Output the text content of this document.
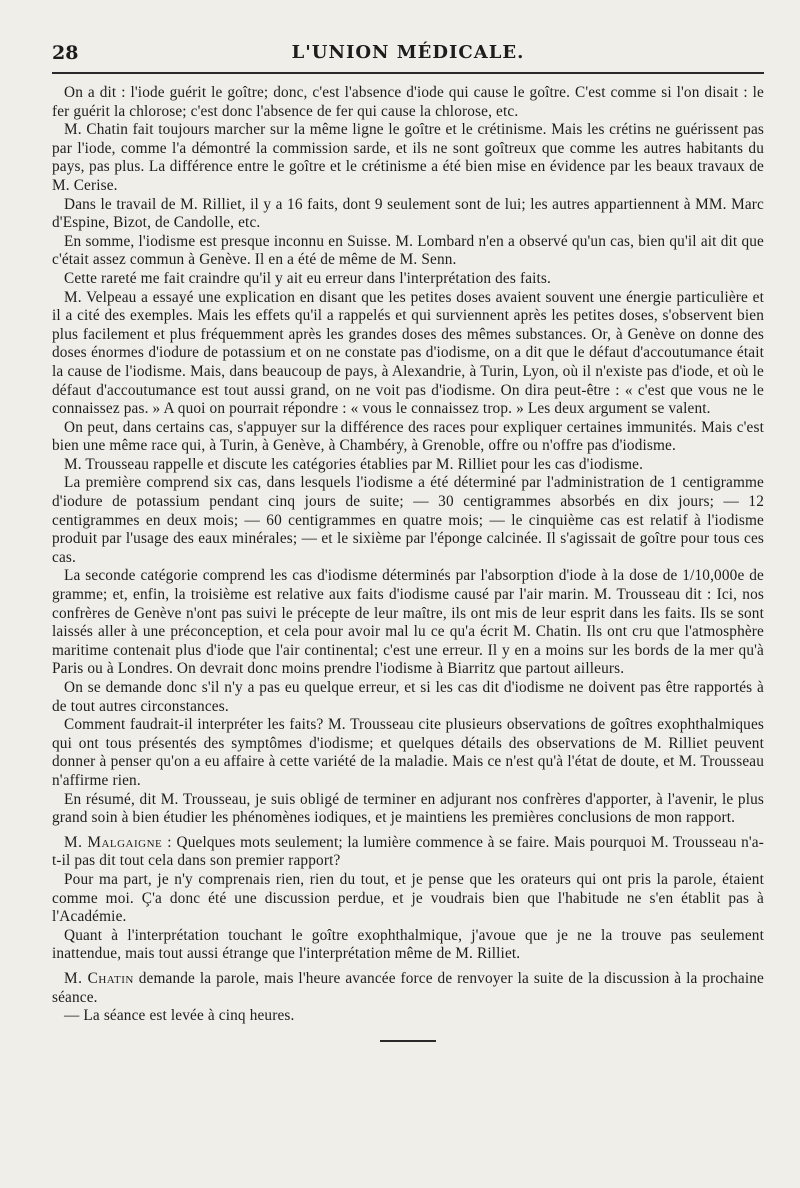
28	L'UNION MÉDICALE.

On a dit : l'iode guérit le goître; donc, c'est l'absence d'iode qui cause le goître. C'est comme si l'on disait : le fer guérit la chlorose; c'est donc l'absence de fer qui cause la chlorose, etc.

M. Chatin fait toujours marcher sur la même ligne le goître et le crétinisme. Mais les crétins ne guérissent pas par l'iode, comme l'a démontré la commission sarde, et ils ne sont goîtreux que comme les autres habitants du pays, pas plus. La différence entre le goître et le crétinisme a été bien mise en évidence par les beaux travaux de M. Cerise.

Dans le travail de M. Rilliet, il y a 16 faits, dont 9 seulement sont de lui; les autres appartiennent à MM. Marc d'Espine, Bizot, de Candolle, etc.

En somme, l'iodisme est presque inconnu en Suisse. M. Lombard n'en a observé qu'un cas, bien qu'il ait dit que c'était assez commun à Genève. Il en a été de même de M. Senn.

Cette rareté me fait craindre qu'il y ait eu erreur dans l'interprétation des faits.

M. Velpeau a essayé une explication en disant que les petites doses avaient souvent une énergie particulière et il a cité des exemples. Mais les effets qu'il a rappelés et qui surviennent après les petites doses, s'observent bien plus facilement et plus fréquemment après les grandes doses des mêmes substances. Or, à Genève on donne des doses énormes d'iodure de potassium et on ne constate pas d'iodisme, on a dit que le défaut d'accoutumance était la cause de l'iodisme. Mais, dans beaucoup de pays, à Alexandrie, à Turin, Lyon, où il n'existe pas d'iode, et où le défaut d'accoutumance est tout aussi grand, on ne voit pas d'iodisme. On dira peut-être : « c'est que vous ne le connaissez pas. » A quoi on pourrait répondre : « vous le connaissez trop. » Les deux argument se valent.

On peut, dans certains cas, s'appuyer sur la différence des races pour expliquer certaines immunités. Mais c'est bien une même race qui, à Turin, à Genève, à Chambéry, à Grenoble, offre ou n'offre pas d'iodisme.

M. Trousseau rappelle et discute les catégories établies par M. Rilliet pour les cas d'iodisme.

La première comprend six cas, dans lesquels l'iodisme a été déterminé par l'administration de 1 centigramme d'iodure de potassium pendant cinq jours de suite; — 30 centigrammes absorbés en dix jours; — 12 centigrammes en deux mois; — 60 centigrammes en quatre mois; — le cinquième cas est relatif à l'iodisme produit par l'usage des eaux minérales; — et le sixième par l'éponge calcinée. Il s'agissait de goître pour tous ces cas.

La seconde catégorie comprend les cas d'iodisme déterminés par l'absorption d'iode à la dose de 1/10,000e de gramme; et, enfin, la troisième est relative aux faits d'iodisme causé par l'air marin. M. Trousseau dit : Ici, nos confrères de Genève n'ont pas suivi le précepte de leur maître, ils ont mis de leur esprit dans les faits. Ils se sont laissés aller à une préconception, et cela pour avoir mal lu ce qu'a écrit M. Chatin. Ils ont cru que l'atmosphère maritime contenait plus d'iode que l'air continental; c'est une erreur. Il y en a moins sur les bords de la mer qu'à Paris ou à Londres. On devrait donc moins prendre l'iodisme à Biarritz que partout ailleurs.

On se demande donc s'il n'y a pas eu quelque erreur, et si les cas dit d'iodisme ne doivent pas être rapportés à de tout autres circonstances.

Comment faudrait-il interpréter les faits? M. Trousseau cite plusieurs observations de goîtres exophthalmiques qui ont tous présentés des symptômes d'iodisme; et quelques détails des observations de M. Rilliet peuvent donner à penser qu'on a eu affaire à cette variété de la maladie. Mais ce n'est qu'à l'état de doute, et M. Trousseau n'affirme rien.

En résumé, dit M. Trousseau, je suis obligé de terminer en adjurant nos confrères d'apporter, à l'avenir, le plus grand soin à bien étudier les phénomènes iodiques, et je maintiens les premières conclusions de mon rapport.

M. Malgaigne : Quelques mots seulement; la lumière commence à se faire. Mais pourquoi M. Trousseau n'a-t-il pas dit tout cela dans son premier rapport?

Pour ma part, je n'y comprenais rien, rien du tout, et je pense que les orateurs qui ont pris la parole, étaient comme moi. Ç'a donc été une discussion perdue, et je voudrais bien que l'habitude ne s'en établit pas à l'Académie.

Quant à l'interprétation touchant le goître exophthalmique, j'avoue que je ne la trouve pas seulement inattendue, mais tout aussi étrange que l'interprétation même de M. Rilliet.

M. Chatin demande la parole, mais l'heure avancée force de renvoyer la suite de la discussion à la prochaine séance.

— La séance est levée à cinq heures.
